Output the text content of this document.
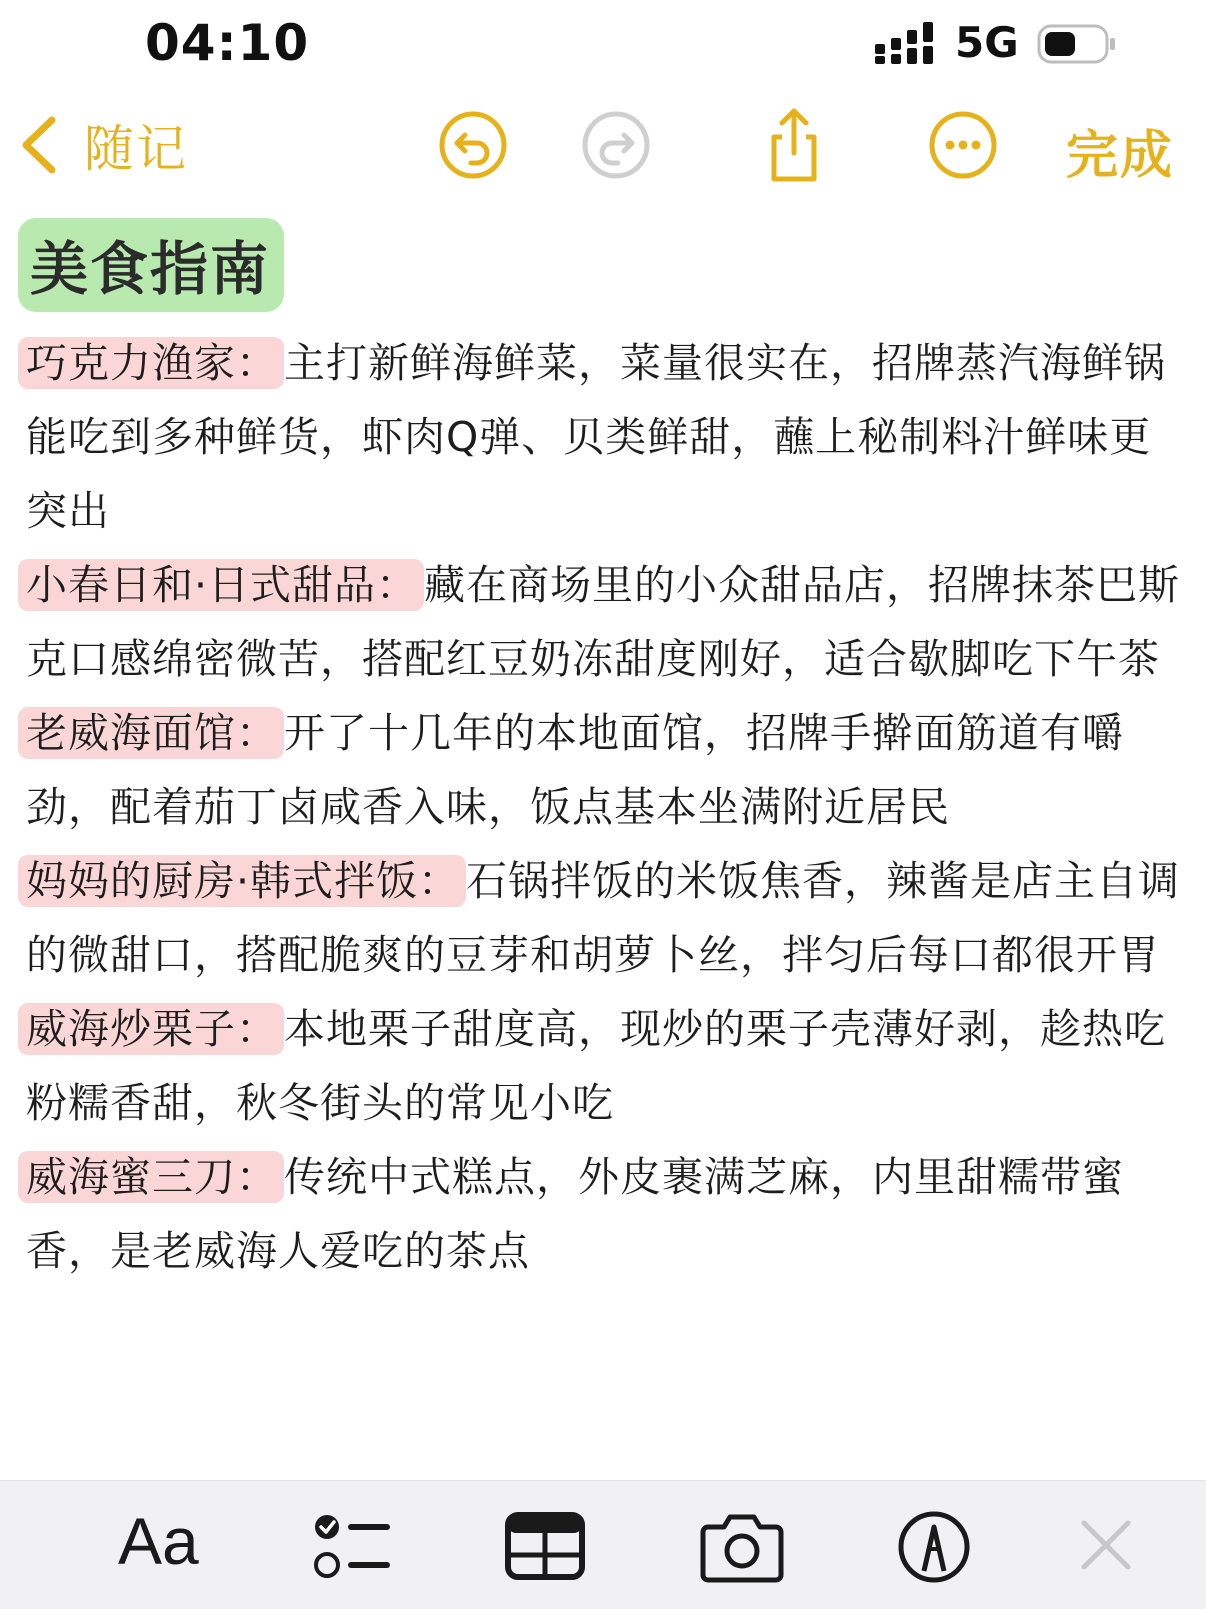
04:10	5G
随记	完成
美食指南
巧克力渔家： 主打新鲜海鲜菜，菜量很实在，招牌蒸汽海鲜锅能吃到多种鲜货，虾肉Q弹、贝类鲜甜，蘸上秘制料汁鲜味更突出
小春日和·日式甜品： 藏在商场里的小众甜品店，招牌抹茶巴斯克口感绵密微苦，搭配红豆奶冻甜度刚好，适合歇脚吃下午茶
老威海面馆： 开了十几年的本地面馆，招牌手擀面筋道有嚼劲，配着茄丁卤咸香入味，饭点基本坐满附近居民
妈妈的厨房·韩式拌饭： 石锅拌饭的米饭焦香，辣酱是店主自调的微甜口，搭配脆爽的豆芽和胡萝卜丝，拌匀后每口都很开胃
威海炒栗子： 本地栗子甜度高，现炒的栗子壳薄好剥，趁热吃粉糯香甜，秋冬街头的常见小吃
威海蜜三刀： 传统中式糕点，外皮裹满芝麻，内里甜糯带蜜香，是老威海人爱吃的茶点
Aa
